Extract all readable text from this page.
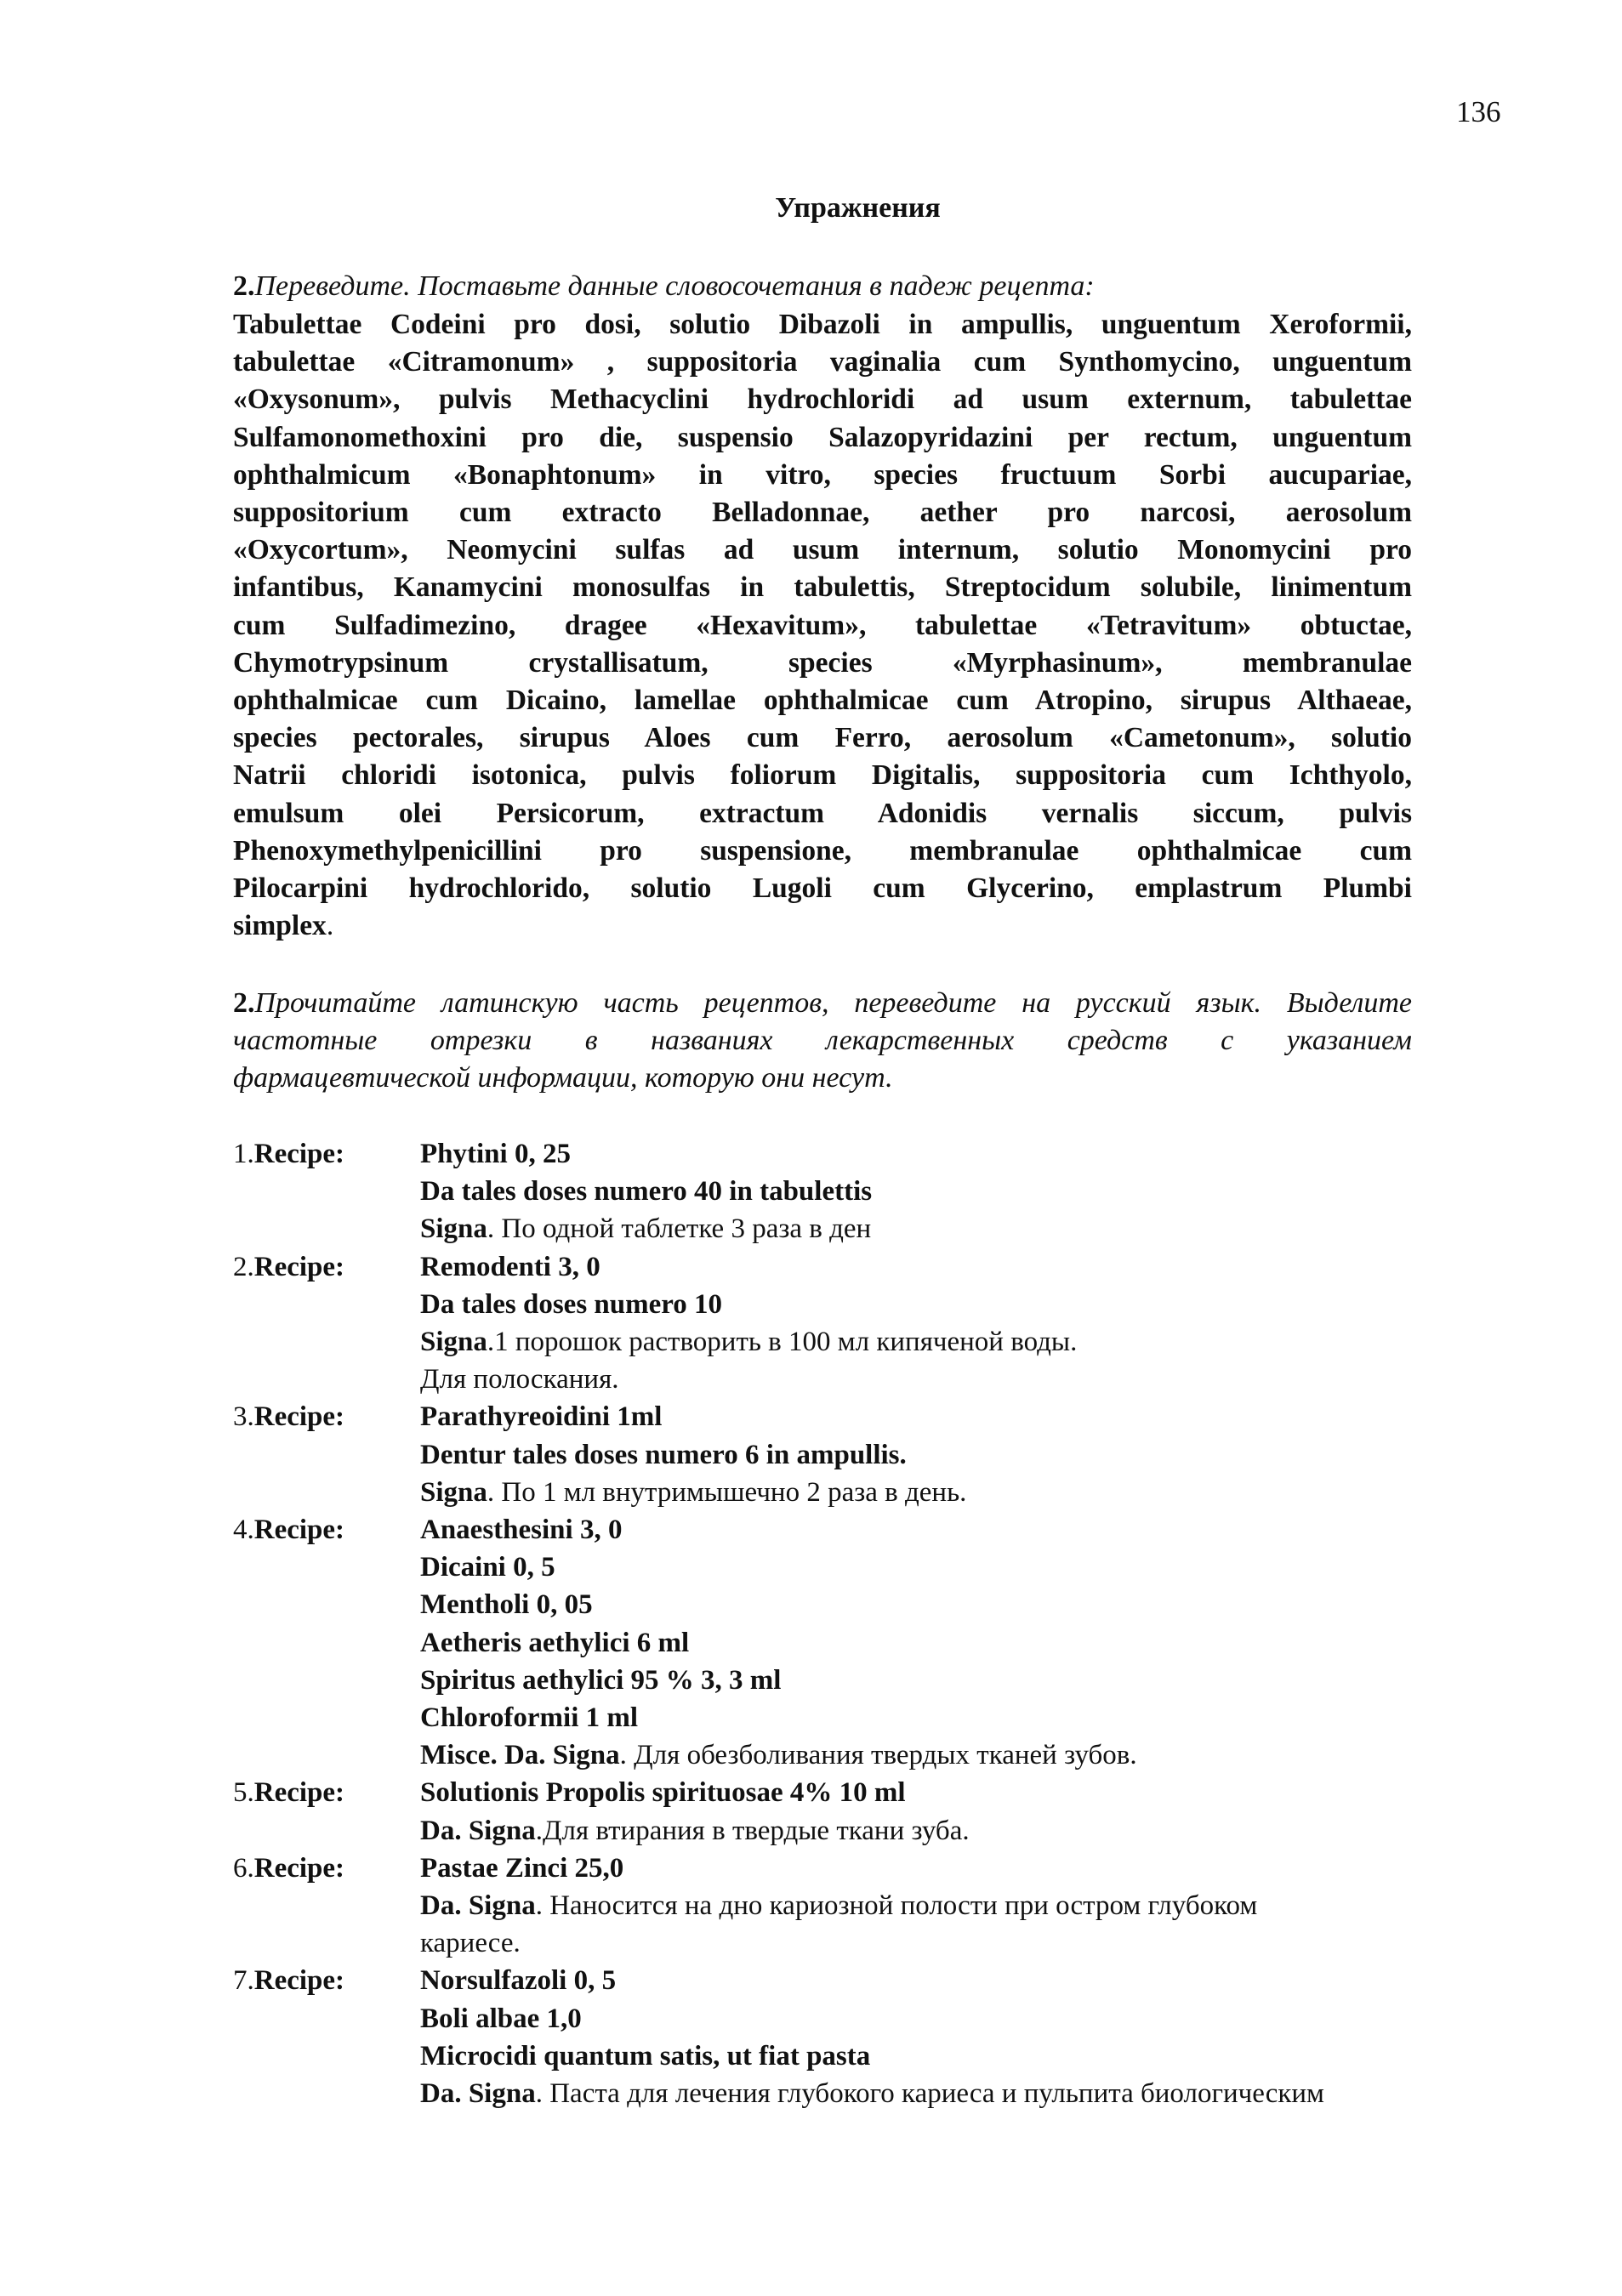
136
Упражнения
2.Переведите. Поставьте данные словосочетания в падеж рецепта:
Tabulettae Codeini pro dosi, solutio Dibazoli in ampullis, unguentum Xeroformii,
tabulettae «Citramonum» , suppositoria vaginalia cum Synthomycino, unguentum
«Oxysonum», pulvis Methacyclini hydrochloridi ad usum externum, tabulettae
Sulfamonomethoxini pro die, suspensio Salazopyridazini per rectum, unguentum
ophthalmicum «Bonaphtonum» in vitro, species fructuum Sorbi aucupariae,
suppositorium cum extracto Belladonnae, aether pro narcosi, aerosolum
«Oxycortum», Neomycini sulfas ad usum internum, solutio Monomycini pro
infantibus, Kanamycini monosulfas in tabulettis, Streptocidum solubile, linimentum
cum Sulfadimezino, dragee «Hexavitum», tabulettae «Tetravitum» obtuctae,
Chymotrypsinum crystallisatum, species «Myrphasinum», membranulae
ophthalmicae cum Dicaino, lamellae ophthalmicae cum Atropino, sirupus Althaeae,
species pectorales, sirupus Aloes cum Ferro, aerosolum «Cametonum», solutio
Natrii chloridi isotonica, pulvis foliorum Digitalis, suppositoria cum Ichthyolo,
emulsum olei Persicorum, extractum Adonidis vernalis siccum, pulvis
Phenoxymethylpenicillini pro suspensione, membranulae ophthalmicae cum
Pilocarpini hydrochlorido, solutio Lugoli cum Glycerino, emplastrum Plumbi
simplex.
2.Прочитайте латинскую часть рецептов, переведите на русский язык. Выделите
частотные отрезки в названиях лекарственных средств с указанием
фармацевтической информации, которую они несут.
1.Recipe:	Phytini 0, 25
Da tales doses numero 40 in tabulettis
Signa. По одной таблетке 3 раза в ден
2.Recipe:	Remodenti 3, 0
Da tales doses numero 10
Signa.1 порошок растворить в 100 мл кипяченой воды.
Для полоскания.
3.Recipe:	Parathyreoidini 1ml
Dentur tales doses numero 6 in ampullis.
Signa. По 1 мл внутримышечно 2 раза в день.
4.Recipe:	Anaesthesini 3, 0
Dicaini 0, 5
Mentholi 0, 05
Aetheris aethylici 6 ml
Spiritus aethylici 95 % 3, 3 ml
Chloroformii 1 ml
Misce. Da. Signa. Для обезболивания твердых тканей зубов.
5.Recipe:	Solutionis Propolis spirituosae 4% 10 ml
Da. Signa.Для втирания в твердые ткани зуба.
6.Recipe:	Pastae Zinci 25,0
Da. Signa. Наносится на дно кариозной полости при остром глубоком
кариесе.
7.Recipe:	Norsulfazoli 0, 5
Boli albae 1,0
Microcidi quantum satis, ut fiat pasta
Da. Signa. Паста для лечения глубокого кариеса и пульпита биологическим
